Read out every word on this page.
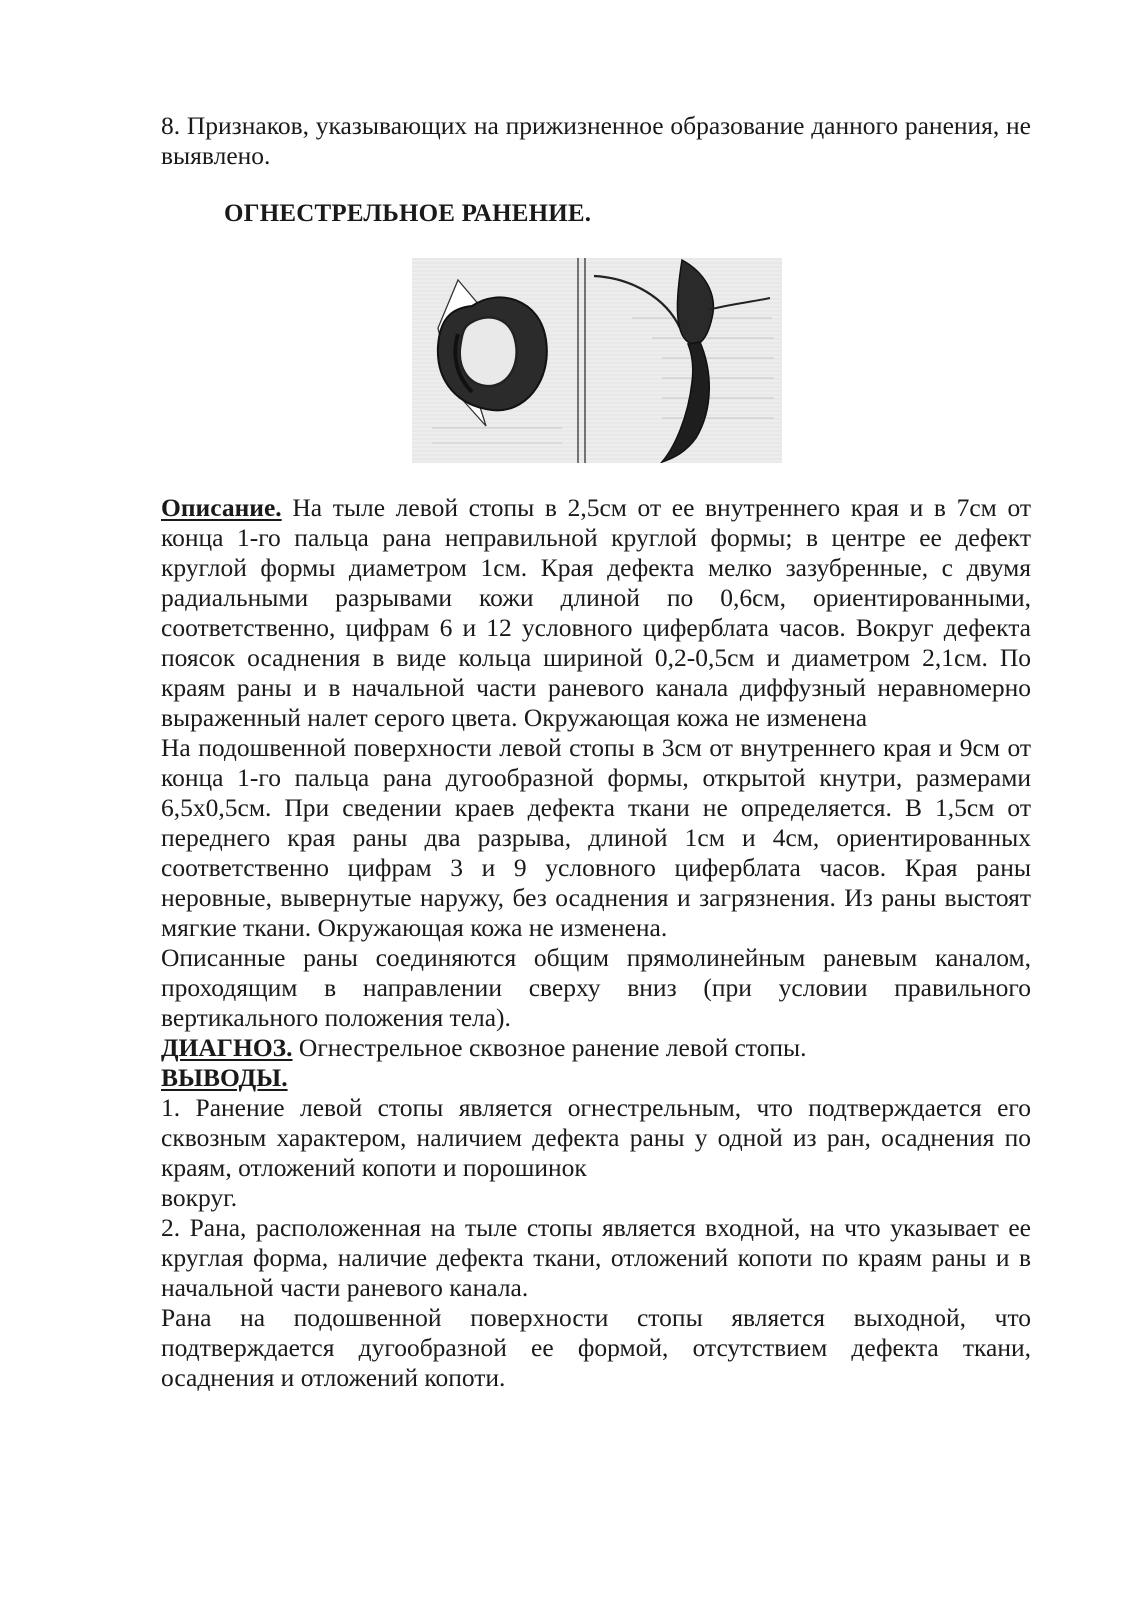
8. Признаков, указывающих на прижизненное образование данного ранения, не выявлено.

ОГНЕСТРЕЛЬНОЕ РАНЕНИЕ.

Описание. На тыле левой стопы в 2,5см от ее внутреннего края и в 7см от конца 1-го пальца рана неправильной круглой формы; в центре ее дефект круглой формы диаметром 1см. Края дефекта мелко зазубренные, с двумя радиальными разрывами кожи длиной по 0,6см, ориентированными, соответственно, цифрам 6 и 12 условного циферблата часов. Вокруг дефекта поясок осаднения в виде кольца шириной 0,2-0,5см и диаметром 2,1см. По краям раны и в начальной части раневого канала диффузный неравномерно выраженный налет серого цвета. Окружающая кожа не изменена

На подошвенной поверхности левой стопы в 3см от внутреннего края и 9см от конца 1-го пальца рана дугообразной формы, открытой кнутри, размерами 6,5х0,5см. При сведении краев дефекта ткани не определяется. В 1,5см от переднего края раны два разрыва, длиной 1см и 4см, ориентированных соответственно цифрам 3 и 9 условного циферблата часов. Края раны неровные, вывернутые наружу, без осаднения и загрязнения. Из раны выстоят мягкие ткани. Окружающая кожа не изменена.

Описанные раны соединяются общим прямолинейным раневым каналом, проходящим в направлении сверху вниз (при условии правильного вертикального положения тела).

ДИАГНОЗ. Огнестрельное сквозное ранение левой стопы.

ВЫВОДЫ.

1. Ранение левой стопы является огнестрельным, что подтверждается его сквозным характером, наличием дефекта раны у одной из ран, осаднения по краям, отложений копоти и порошинок

вокруг.

2. Рана, расположенная на тыле стопы является входной, на что указывает ее круглая форма, наличие дефекта ткани, отложений копоти по краям раны и в начальной части раневого канала.

Рана на подошвенной поверхности стопы является выходной, что подтверждается дугообразной ее формой, отсутствием дефекта ткани, осаднения и отложений копоти.
